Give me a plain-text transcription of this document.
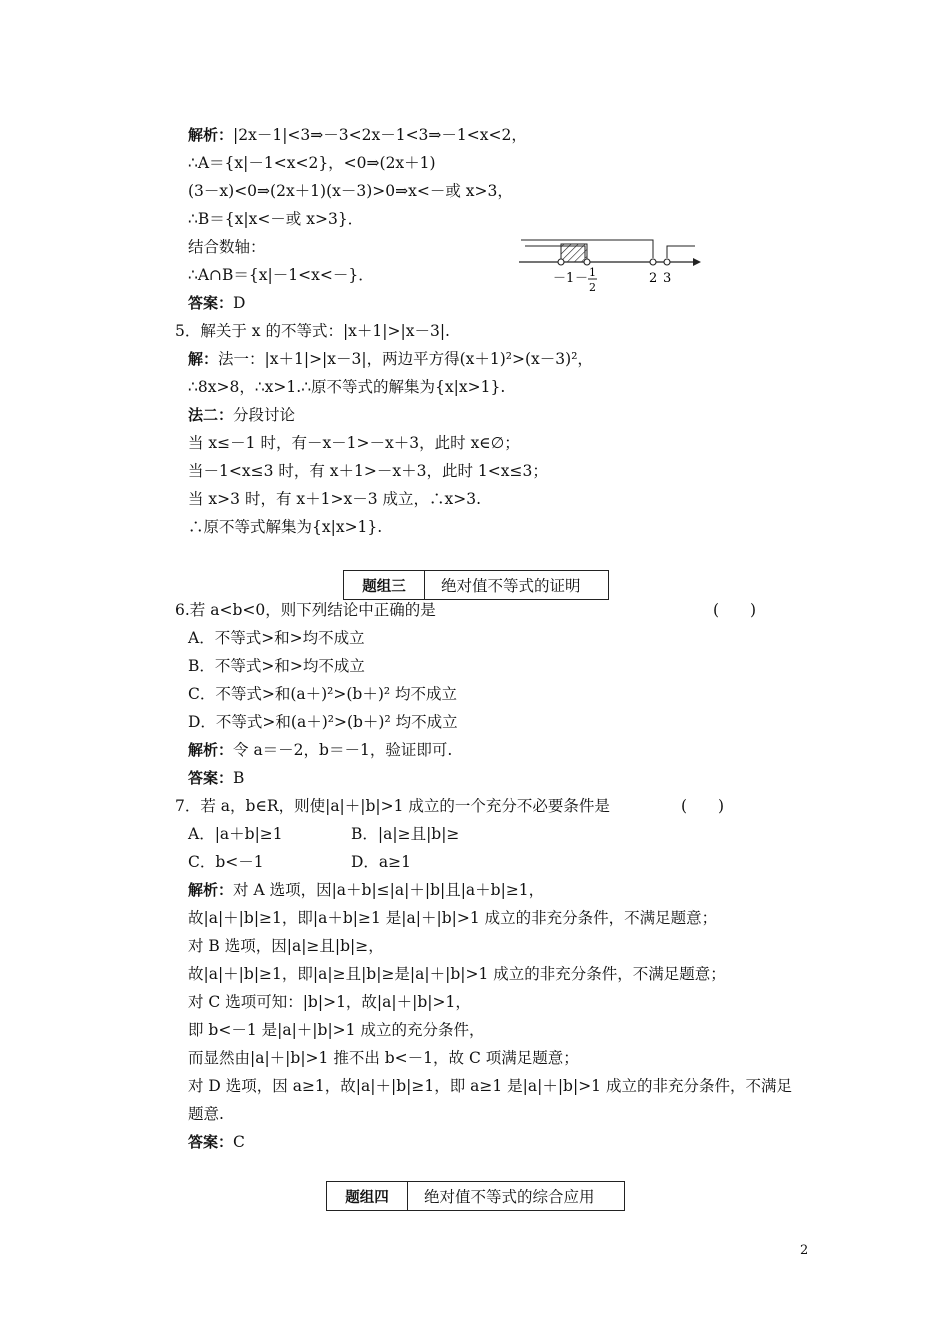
解析：|2x－1|<3⇒－3<2x－1<3⇒－1<x<2，
∴A＝{x|－1<x<2}，<0⇒(2x＋1)
(3－x)<0⇒(2x＋1)(x－3)>0⇒x<－或 x>3，
∴B＝{x|x<－或 x>3}．
结合数轴：
∴A∩B＝{x|－1<x<－}．
答案：D
－1 － 1
2
2 3
5．解关于 x 的不等式：|x＋1|>|x－3|.
解：法一：|x＋1|>|x－3|，两边平方得(x＋1)²>(x－3)²，
∴8x>8，∴x>1.∴原不等式的解集为{x|x>1}.
法二：分段讨论
当 x≤－1 时，有－x－1>－x＋3，此时 x∈∅；
当－1<x≤3 时，有 x＋1>－x＋3，此时 1<x≤3；
当 x>3 时，有 x＋1>x－3 成立，∴x>3.
∴原不等式解集为{x|x>1}.
题组三	绝对值不等式的证明
6.若 a<b<0，则下列结论中正确的是	(　　)
A．不等式>和>均不成立
B．不等式>和>均不成立
C．不等式>和(a＋)²>(b＋)² 均不成立
D．不等式>和(a＋)²>(b＋)² 均不成立
解析：令 a＝－2，b＝－1，验证即可.
答案：B
7．若 a，b∈R，则使|a|＋|b|>1 成立的一个充分不必要条件是	(　　)
A．|a＋b|≥1	B．|a|≥且|b|≥
C．b<－1	D．a≥1
解析：对 A 选项，因|a＋b|≤|a|＋|b|且|a＋b|≥1，
故|a|＋|b|≥1，即|a＋b|≥1 是|a|＋|b|>1 成立的非充分条件，不满足题意；
对 B 选项，因|a|≥且|b|≥，
故|a|＋|b|≥1，即|a|≥且|b|≥是|a|＋|b|>1 成立的非充分条件，不满足题意；
对 C 选项可知：|b|>1，故|a|＋|b|>1，
即 b<－1 是|a|＋|b|>1 成立的充分条件，
而显然由|a|＋|b|>1 推不出 b<－1，故 C 项满足题意；
对 D 选项，因 a≥1，故|a|＋|b|≥1，即 a≥1 是|a|＋|b|>1 成立的非充分条件，不满足
题意.
答案：C
题组四	绝对值不等式的综合应用
2
